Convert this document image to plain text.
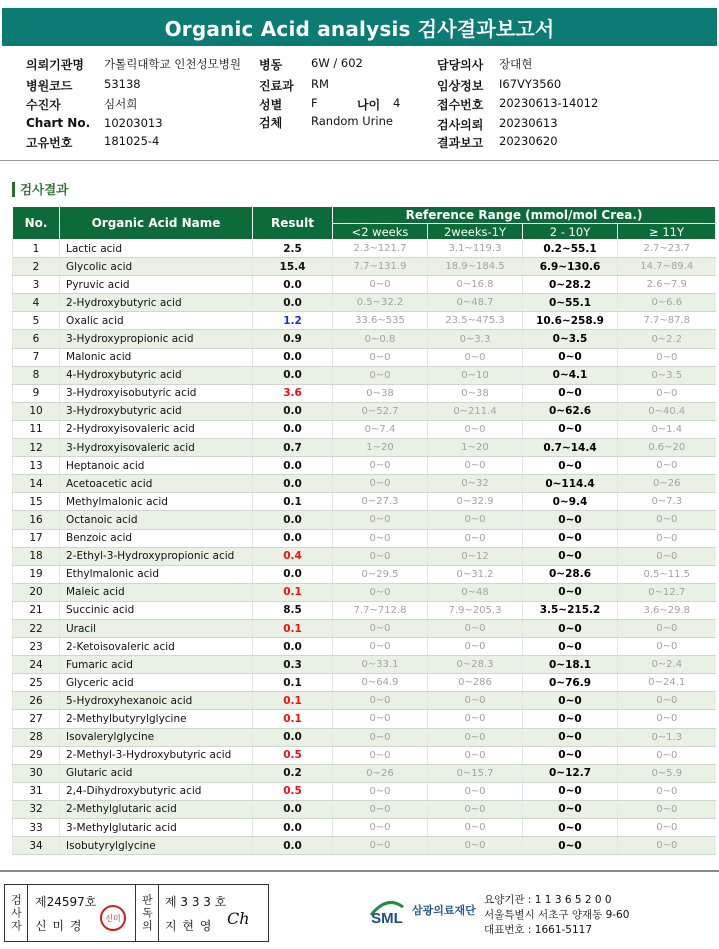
Organic Acid analysis 검사결과보고서
의뢰기관명 가톨릭대학교 인천성모병원
병원코드	53138
수진자	심서희
Chart No. 10203013
고유번호	181025-4
병동	6W / 602
진료과 RM
성별	F	나이 4
검체	Random Urine
담당의사 장대현
임상정보 I67VY3560
접수번호 20230613-14012
검사의뢰 20230613
결과보고 20230620
검사결과
No.	Organic Acid Name	Result	Reference Range (mmol/mol Crea.)			
			<2 weeks	2weeks-1Y	2 - 10Y	≥ 11Y
1	Lactic acid	2.5	2.3~121.7	3.1~119.3	0.2~55.1	2.7~23.7
2	Glycolic acid	15.4	7.7~131.9	18.9~184.5	6.9~130.6	14.7~89.4
3	Pyruvic acid	0.0	0~0	0~16.8	0~28.2	2.6~7.9
4	2-Hydroxybutyric acid	0.0	0.5~32.2	0~48.7	0~55.1	0~6.6
5	Oxalic acid	1.2	33.6~535	23.5~475.3	10.6~258.9	7.7~87.8
6	3-Hydroxypropionic acid	0.9	0~0.8	0~3.3	0~3.5	0~2.2
7	Malonic acid	0.0	0~0	0~0	0~0	0~0
8	4-Hydroxybutyric acid	0.0	0~0	0~10	0~4.1	0~3.5
9	3-Hydroxyisobutyric acid	3.6	0~38	0~38	0~0	0~0
10	3-Hydroxybutyric acid	0.0	0~52.7	0~211.4	0~62.6	0~40.4
11	2-Hydroxyisovaleric acid	0.0	0~7.4	0~0	0~0	0~1.4
12	3-Hydroxyisovaleric acid	0.7	1~20	1~20	0.7~14.4	0.6~20
13	Heptanoic acid	0.0	0~0	0~0	0~0	0~0
14	Acetoacetic acid	0.0	0~0	0~32	0~114.4	0~26
15	Methylmalonic acid	0.1	0~27.3	0~32.9	0~9.4	0~7.3
16	Octanoic acid	0.0	0~0	0~0	0~0	0~0
17	Benzoic acid	0.0	0~0	0~0	0~0	0~0
18	2-Ethyl-3-Hydroxypropionic acid	0.4	0~0	0~12	0~0	0~0
19	Ethylmalonic acid	0.0	0~29.5	0~31.2	0~28.6	0.5~11.5
20	Maleic acid	0.1	0~0	0~48	0~0	0~12.7
21	Succinic acid	8.5	7.7~712.8	7.9~205.3	3.5~215.2	3.6~29.8
22	Uracil	0.1	0~0	0~0	0~0	0~0
23	2-Ketoisovaleric acid	0.0	0~0	0~0	0~0	0~0
24	Fumaric acid	0.3	0~33.1	0~28.3	0~18.1	0~2.4
25	Glyceric acid	0.1	0~64.9	0~286	0~76.9	0~24.1
26	5-Hydroxyhexanoic acid	0.1	0~0	0~0	0~0	0~0
27	2-Methylbutyrylglycine	0.1	0~0	0~0	0~0	0~0
28	Isovalerylglycine	0.0	0~0	0~0	0~0	0~1.3
29	2-Methyl-3-Hydroxybutyric acid	0.5	0~0	0~0	0~0	0~0
30	Glutaric acid	0.2	0~26	0~15.7	0~12.7	0~5.9
31	2,4-Dihydroxybutyric acid	0.5	0~0	0~0	0~0	0~0
32	2-Methylglutaric acid	0.0	0~0	0~0	0~0	0~0
33	3-Methylglutaric acid	0.0	0~0	0~0	0~0	0~0
34	Isobutyrylglycine	0.0	0~0	0~0	0~0	0~0
검사자 제24597호
신 미 경
신미 판독의 제 3 3 3 호
지 현 영 Ch	SML 삼광의료재단
요양기관 : 1 1 3 6 5 2 0 0
서울특별시 서초구 양재동 9-60
대표번호 : 1661-5117
